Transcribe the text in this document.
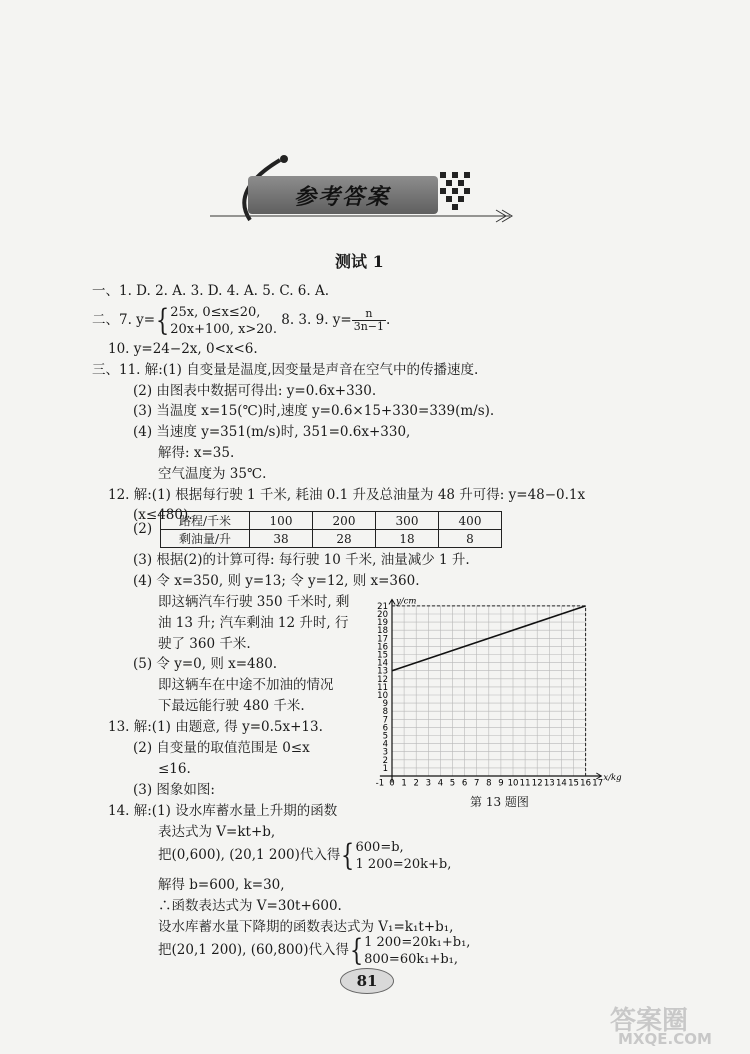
参考答案
测试 1
一、1. D. 2. A. 3. D. 4. A. 5. C. 6. A.
二、7. y={ 25x, 0≤x≤20,
20x+100, x>20.
8. 3. 9. $y= \frac{n}{3n-1}$ .
10. y=24−2x, 0<x<6.
三、11. 解:(1) 自变量是温度,因变量是声音在空气中的传播速度.
(2) 由图表中数据可得出: y=0.6x+330.
(3) 当温度 x=15(℃)时,速度 y=0.6×15+330=339(m/s).
(4) 当速度 y=351(m/s)时, 351=0.6x+330,
解得: x=35.
空气温度为 35℃.
12. 解:(1) 根据每行驶 1 千米, 耗油 0.1 升及总油量为 48 升可得: y=48−0.1x
(x≤480).
(2) 路程/千米	100	200	300	400
剩油量/升	38	28	18	8
(3) 根据(2)的计算可得: 每行驶 10 千米, 油量减少 1 升.
(4) 令 x=350, 则 y=13; 令 y=12, 则 x=360.
即这辆汽车行驶 350 千米时, 剩
油 13 升; 汽车剩油 12 升时, 行
驶了 360 千米.
(5) 令 y=0, 则 x=480.
即这辆车在中途不加油的情况
下最远能行驶 480 千米.
13. 解:(1) 由题意, 得 y=0.5x+13.
(2) 自变量的取值范围是 0≤x
≤16.
(3) 图象如图:
14. 解:(1) 设水库蓄水量上升期的函数
表达式为 V=kt+b,
把(0,600), (20,1 200)代入得{ 600=b,
1 200=20k+b,
解得 b=600, k=30,
∴函数表达式为 V=30t+600.
设水库蓄水量下降期的函数表达式为 V₁=k₁t+b₁,
把(20,1 200), (60,800)代入得{ 1 200=20k₁+b₁,
800=60k₁+b₁,
-1 0 1 2 3 4 5 6 7 8 9 10 11 12 13 14 15 16 17
1
2
3
4
5
6
7
8
9
10
11
12
13
14
15
16
17
18
19
20
21
x/kg
y/cm
第 13 题图
81
答案圈
MXQE.COM
